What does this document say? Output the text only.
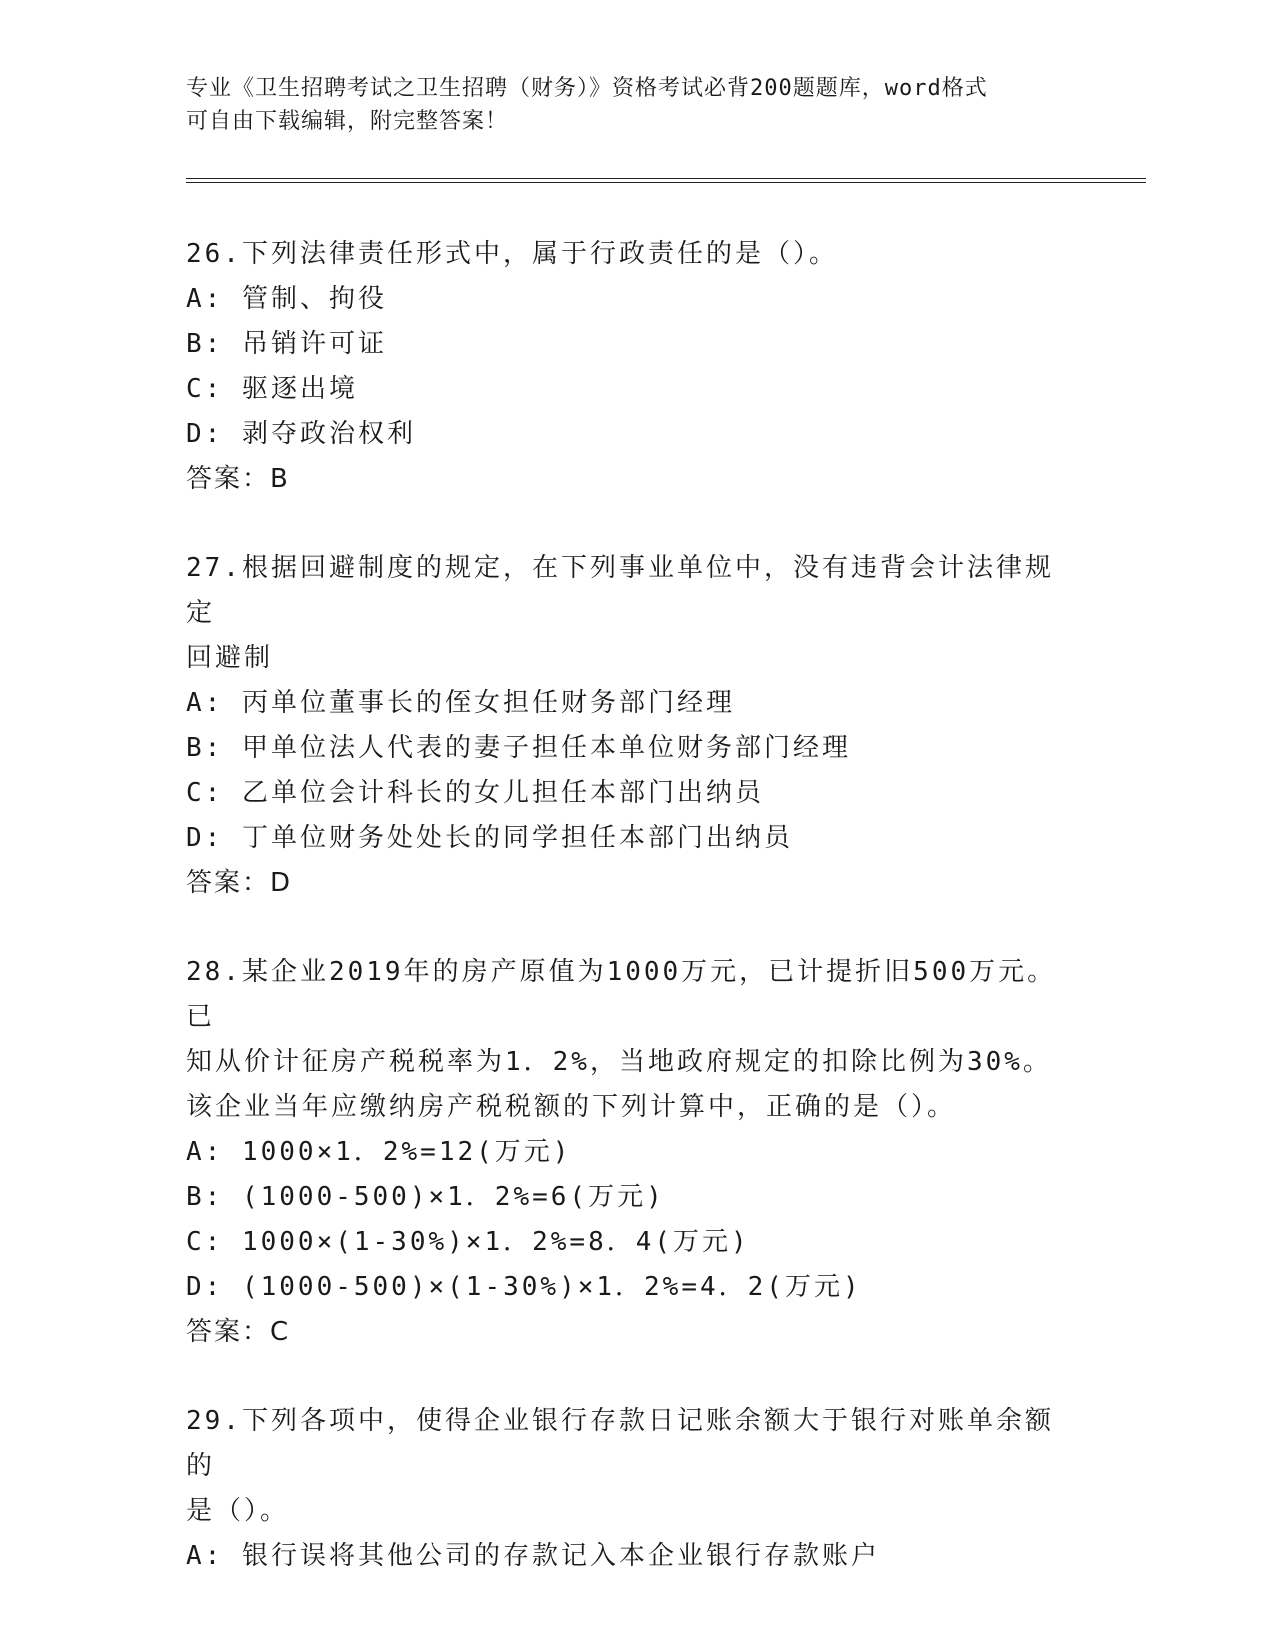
专业《卫生招聘考试之卫生招聘（财务）》资格考试必背200题题库，word格式
可自由下载编辑，附完整答案！
26.下列法律责任形式中，属于行政责任的是（）。
A: 管制、拘役
B: 吊销许可证
C: 驱逐出境
D: 剥夺政治权利
答案：B
27.根据回避制度的规定，在下列事业单位中，没有违背会计法律规定
回避制
A: 丙单位董事长的侄女担任财务部门经理
B: 甲单位法人代表的妻子担任本单位财务部门经理
C: 乙单位会计科长的女儿担任本部门出纳员
D: 丁单位财务处处长的同学担任本部门出纳员
答案：D
28.某企业2019年的房产原值为1000万元，已计提折旧500万元。已
知从价计征房产税税率为1．2%，当地政府规定的扣除比例为30%。
该企业当年应缴纳房产税税额的下列计算中，正确的是（）。
A: 1000×1．2%=12(万元)
B: (1000-500)×1．2%=6(万元)
C: 1000×(1-30%)×1．2%=8．4(万元)
D: (1000-500)×(1-30%)×1．2%=4．2(万元)
答案：C
29.下列各项中，使得企业银行存款日记账余额大于银行对账单余额的
是（）。
A: 银行误将其他公司的存款记入本企业银行存款账户
